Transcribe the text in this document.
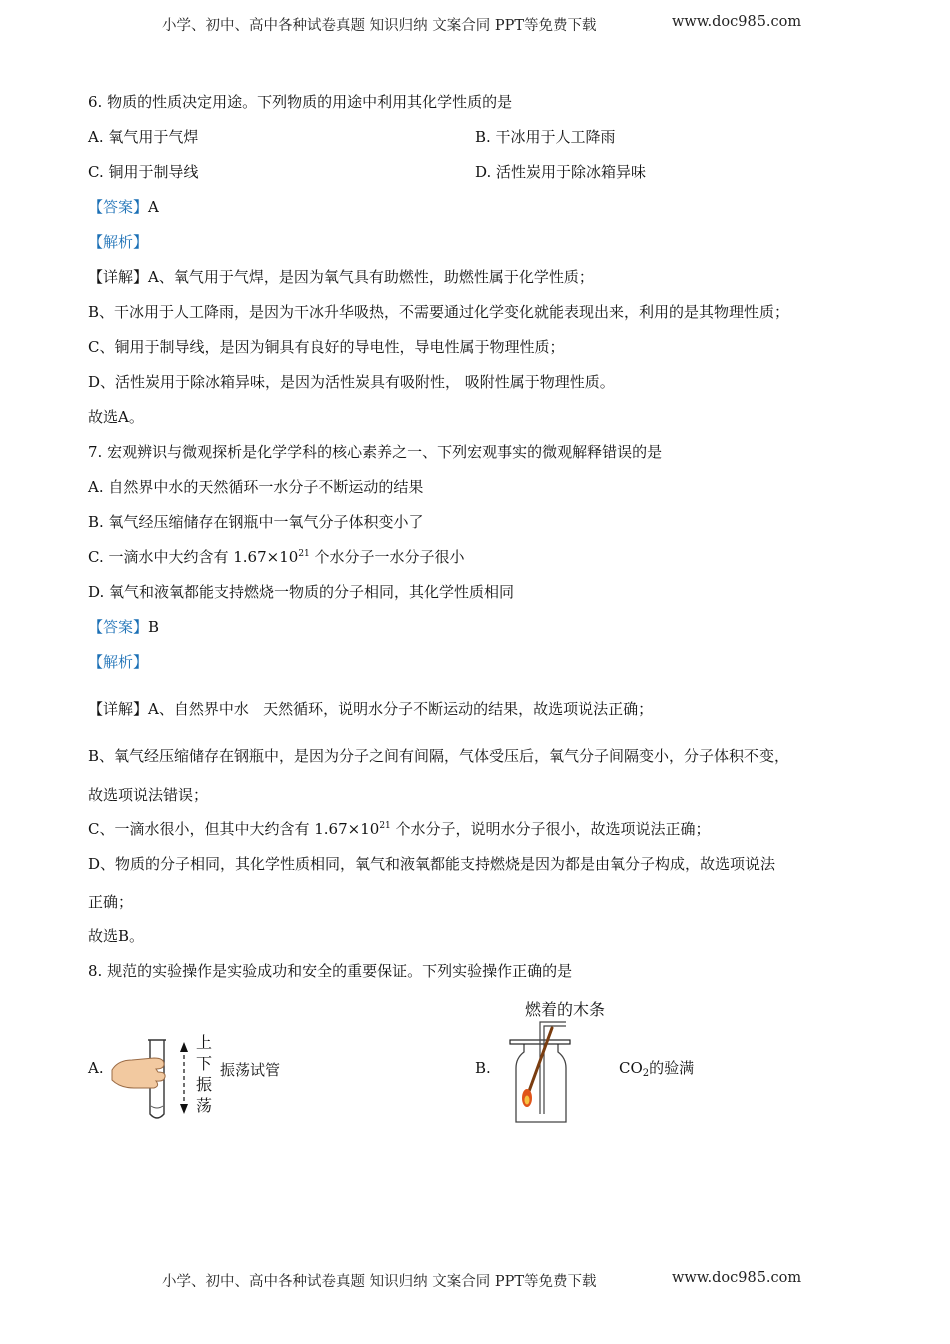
小学、初中、高中各种试卷真题 知识归纳 文案合同 PPT等免费下载	www.doc985.com
6. 物质的性质决定用途。下列物质的用途中利用其化学性质的是
A. 氧气用于气焊	B. 干冰用于人工降雨
C. 铜用于制导线	D. 活性炭用于除冰箱异味
【答案】A
【解析】
【详解】A、氧气用于气焊，是因为氧气具有助燃性，助燃性属于化学性质；
B、干冰用于人工降雨，是因为干冰升华吸热，不需要通过化学变化就能表现出来，利用的是其物理性质；
C、铜用于制导线，是因为铜具有良好的导电性，导电性属于物理性质；
D、活性炭用于除冰箱异味，是因为活性炭具有吸附性， 吸附性属于物理性质。
故选A。
7. 宏观辨识与微观探析是化学学科的核心素养之一、下列宏观事实的微观解释错误的是
A. 自然界中水的天然循环一水分子不断运动的结果
B. 氧气经压缩储存在钢瓶中一氧气分子体积变小了
C. 一滴水中大约含有 $1.67\times 10^{21}$ 个水分子一水分子很小
D. 氧气和液氧都能支持燃烧一物质的分子相同，其化学性质相同
【答案】B
【解析】
【详解】A、自然界中水   天然循环，说明水分子不断运动的结果，故选项说法正确；
B、氧气经压缩储存在钢瓶中，是因为分子之间有间隔，气体受压后，氧气分子间隔变小，分子体积不变，
故选项说法错误；
C、一滴水很小，但其中大约含有 $1.67\times 10^{21}$ 个水分子，说明水分子很小，故选项说法正确；
D、物质的分子相同，其化学性质相同，氧气和液氧都能支持燃烧是因为都是由氧分子构成，故选项说法
正确；
故选B。
8. 规范的实验操作是实验成功和安全的重要保证。下列实验操作正确的是
A.
上
下
振
荡
振荡试管	B.
燃着的木条
$CO_2$的验满
小学、初中、高中各种试卷真题 知识归纳 文案合同 PPT等免费下载	www.doc985.com
